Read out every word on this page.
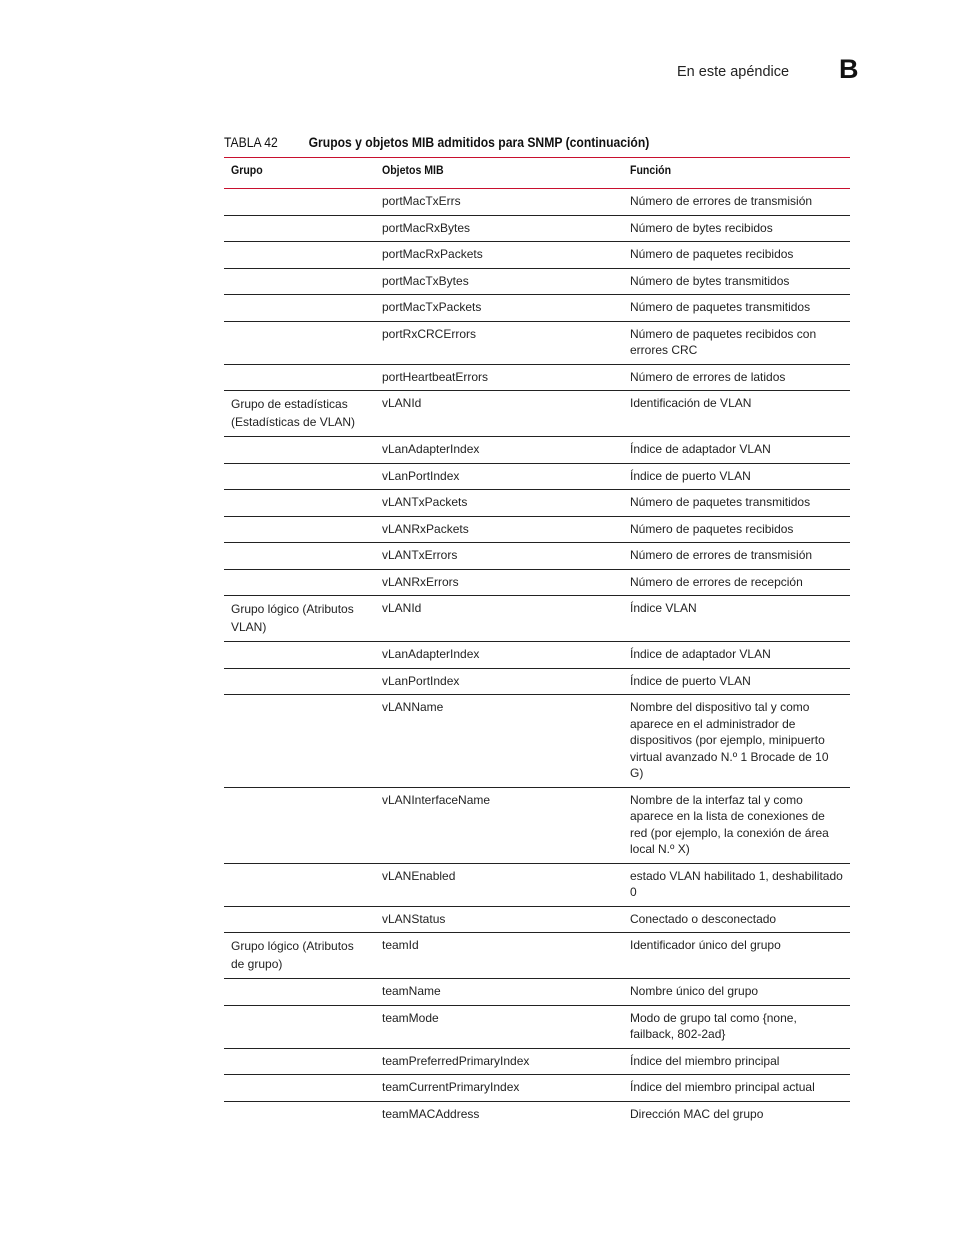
En este apéndice B
TABLA 42 Grupos y objetos MIB admitidos para SNMP (continuación)
Grupo	Objetos MIB	Función
	portMacTxErrs	Número de errores de transmisión
	portMacRxBytes	Número de bytes recibidos
	portMacRxPackets	Número de paquetes recibidos
	portMacTxBytes	Número de bytes transmitidos
	portMacTxPackets	Número de paquetes transmitidos
	portRxCRCErrors	Número de paquetes recibidos con errores CRC
	portHeartbeatErrors	Número de errores de latidos
Grupo de estadísticas (Estadísticas de VLAN)	vLANId	Identificación de VLAN
	vLanAdapterIndex	Índice de adaptador VLAN
	vLanPortIndex	Índice de puerto VLAN
	vLANTxPackets	Número de paquetes transmitidos
	vLANRxPackets	Número de paquetes recibidos
	vLANTxErrors	Número de errores de transmisión
	vLANRxErrors	Número de errores de recepción
Grupo lógico (Atributos VLAN)	vLANId	Índice VLAN
	vLanAdapterIndex	Índice de adaptador VLAN
	vLanPortIndex	Índice de puerto VLAN
	vLANName	Nombre del dispositivo tal y como aparece en el administrador de dispositivos (por ejemplo, minipuerto virtual avanzado N.º 1 Brocade de 10 G)
	vLANInterfaceName	Nombre de la interfaz tal y como aparece en la lista de conexiones de red (por ejemplo, la conexión de área local N.º X)
	vLANEnabled	estado VLAN habilitado 1, deshabilitado 0
	vLANStatus	Conectado o desconectado
Grupo lógico (Atributos de grupo)	teamId	Identificador único del grupo
	teamName	Nombre único del grupo
	teamMode	Modo de grupo tal como {none, failback, 802-2ad}
	teamPreferredPrimaryIndex	Índice del miembro principal
	teamCurrentPrimaryIndex	Índice del miembro principal actual
	teamMACAddress	Dirección MAC del grupo
